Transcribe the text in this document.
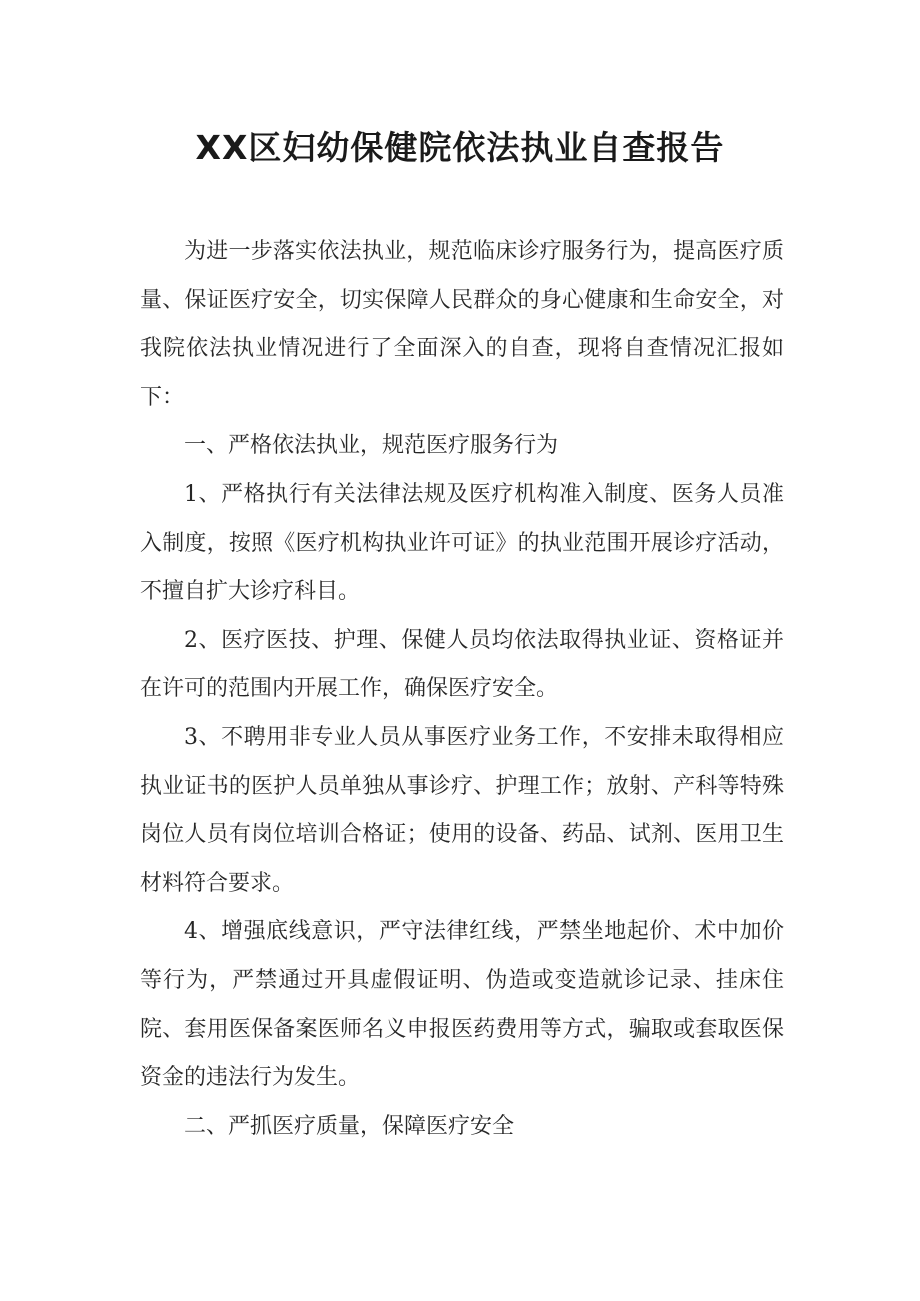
XX区妇幼保健院依法执业自查报告

为进一步落实依法执业，规范临床诊疗服务行为，提高医疗质量、保证医疗安全，切实保障人民群众的身心健康和生命安全，对我院依法执业情况进行了全面深入的自查，现将自查情况汇报如下：

一、严格依法执业，规范医疗服务行为

1、严格执行有关法律法规及医疗机构准入制度、医务人员准入制度，按照《医疗机构执业许可证》的执业范围开展诊疗活动，不擅自扩大诊疗科目。

2、医疗医技、护理、保健人员均依法取得执业证、资格证并在许可的范围内开展工作，确保医疗安全。

3、不聘用非专业人员从事医疗业务工作，不安排未取得相应执业证书的医护人员单独从事诊疗、护理工作；放射、产科等特殊岗位人员有岗位培训合格证；使用的设备、药品、试剂、医用卫生材料符合要求。

4、增强底线意识，严守法律红线，严禁坐地起价、术中加价等行为，严禁通过开具虚假证明、伪造或变造就诊记录、挂床住院、套用医保备案医师名义申报医药费用等方式，骗取或套取医保资金的违法行为发生。

二、严抓医疗质量，保障医疗安全
